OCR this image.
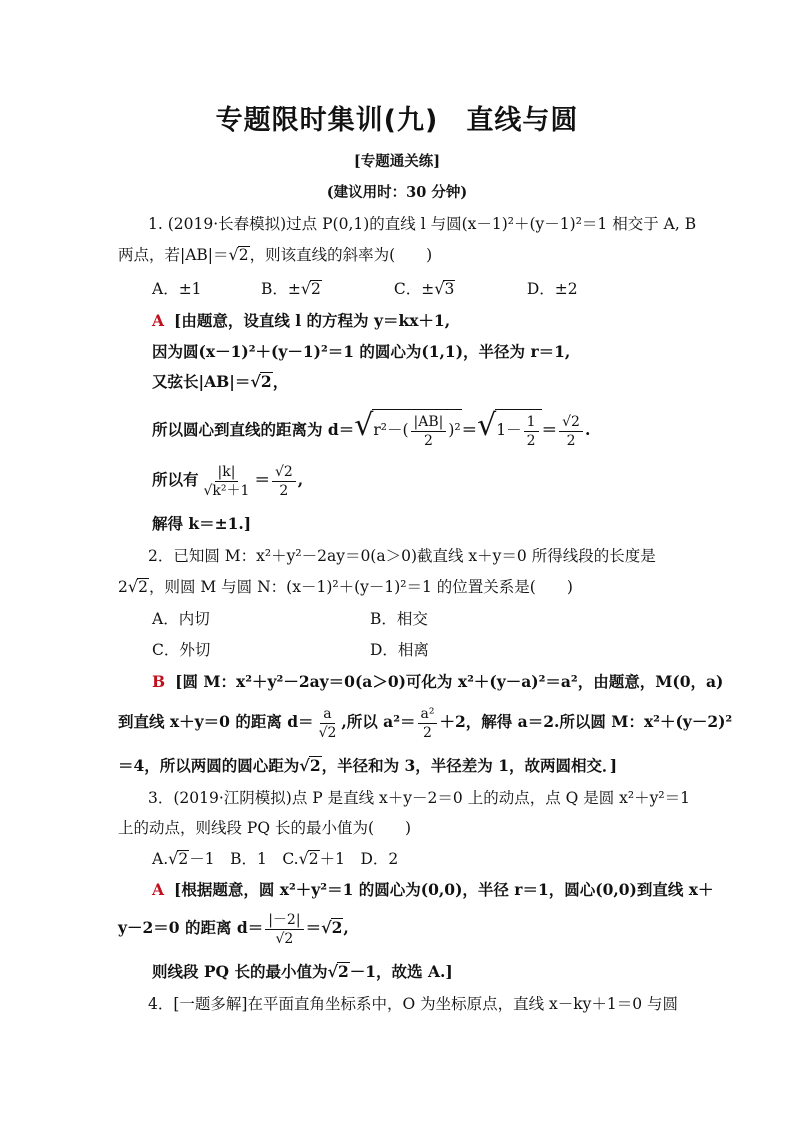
专题限时集训(九)　直线与圆
[专题通关练]
(建议用时：30 分钟)
1. (2019·长春模拟)过点 P(0,1)的直线 l 与圆(x－1)²＋(y－1)²＝1 相交于 A, B
两点，若|AB|＝√2，则该直线的斜率为(　　)
A．±1	B．±√2	C．±√3	D．±2
A [由题意，设直线 l 的方程为 y＝kx＋1,
因为圆(x－1)²＋(y－1)²＝1 的圆心为(1,1)，半径为 r＝1,
又弦长|AB|＝√2，
所以圆心到直线的距离为 $d=√r^2-( \frac{|AB|}{2} )^2=√1- \frac{1}{2} = \frac{√2}{2}$ .
所以有 $\frac{|k|}{\text{√k²＋1}} = \frac{√2}{2}$ ,
解得 k＝±1.]
2．已知圆 M：x²＋y²－2ay＝0(a＞0)截直线 x＋y＝0 所得线段的长度是
2√2，则圆 M 与圆 N：(x－1)²＋(y－1)²＝1 的位置关系是(　　)
A．内切	B．相交
C．外切	D．相离
B [圆 M：x²＋y²－2ay＝0(a＞0)可化为 x²＋(y－a)²＝a²，由题意，M(0，a)
到直线 x＋y＝0 的距离 $d= \frac{a}{√2}$ ,所以 $a^2= \frac{\text{a²}}{2} +2$，解得 a＝2.所以圆 M：x²＋(y－2)²
＝4，所以两圆的圆心距为√2，半径和为 3，半径差为 1，故两圆相交．]
3．(2019·江阴模拟)点 P 是直线 x＋y－2＝0 上的动点，点 Q 是圆 x²＋y²＝1
上的动点，则线段 PQ 长的最小值为(　　)
A.√2－1　B．1　C.√2＋1　D．2
A [根据题意，圆 x²＋y²＝1 的圆心为(0,0)，半径 r＝1，圆心(0,0)到直线 x＋
y－2＝0 的距离 $d= \frac{|-2|}{√2} =√2$,
则线段 PQ 长的最小值为√2－1，故选 A.]
4．[一题多解]在平面直角坐标系中，O 为坐标原点，直线 x－ky＋1＝0 与圆
